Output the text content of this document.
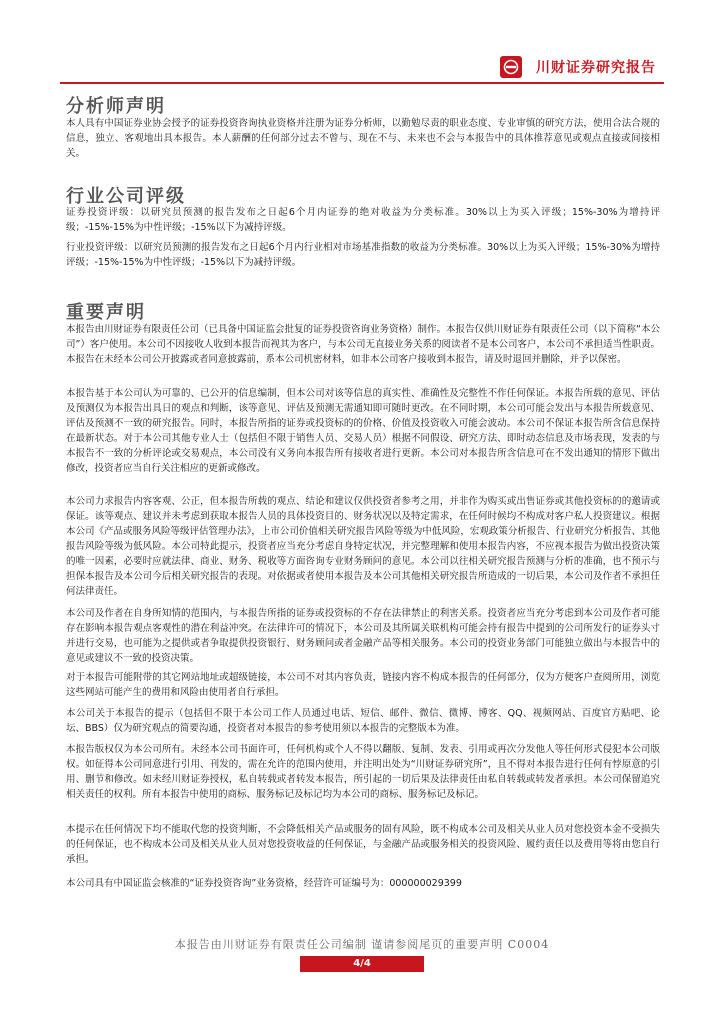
川财证券研究报告
分析师声明

本人具有中国证券业协会授予的证券投资咨询执业资格并注册为证券分析师，以勤勉尽责的职业态度、专业审慎的研究方法，使用合法合规的信息，独立、客观地出具本报告。本人薪酬的任何部分过去不曾与、现在不与、未来也不会与本报告中的具体推荐意见或观点直接或间接相关。

行业公司评级

证券投资评级：以研究员预测的报告发布之日起6个月内证券的绝对收益为分类标准。30%以上为买入评级；15%-30%为增持评级；-15%-15%为中性评级；-15%以下为减持评级。

行业投资评级：以研究员预测的报告发布之日起6个月内行业相对市场基准指数的收益为分类标准。30%以上为买入评级；15%-30%为增持评级；-15%-15%为中性评级；-15%以下为减持评级。

重要声明

本报告由川财证券有限责任公司（已具备中国证监会批复的证券投资咨询业务资格）制作。本报告仅供川财证券有限责任公司（以下简称“本公司”）客户使用。本公司不因接收人收到本报告而视其为客户，与本公司无直接业务关系的阅读者不是本公司客户，本公司不承担适当性职责。本报告在未经本公司公开披露或者同意披露前，系本公司机密材料，如非本公司客户接收到本报告，请及时退回并删除，并予以保密。

本报告基于本公司认为可靠的、已公开的信息编制，但本公司对该等信息的真实性、准确性及完整性不作任何保证。本报告所载的意见、评估及预测仅为本报告出具日的观点和判断，该等意见、评估及预测无需通知即可随时更改。在不同时期，本公司可能会发出与本报告所载意见、评估及预测不一致的研究报告。同时，本报告所指的证券或投资标的的价格、价值及投资收入可能会波动。本公司不保证本报告所含信息保持在最新状态。对于本公司其他专业人士（包括但不限于销售人员、交易人员）根据不同假设、研究方法、即时动态信息及市场表现，发表的与本报告不一致的分析评论或交易观点，本公司没有义务向本报告所有接收者进行更新。本公司对本报告所含信息可在不发出通知的情形下做出修改，投资者应当自行关注相应的更新或修改。

本公司力求报告内容客观、公正，但本报告所载的观点、结论和建议仅供投资者参考之用，并非作为购买或出售证券或其他投资标的的邀请或保证。该等观点、建议并未考虑到获取本报告人员的具体投资目的、财务状况以及特定需求，在任何时候均不构成对客户私人投资建议。根据本公司《产品或服务风险等级评估管理办法》，上市公司价值相关研究报告风险等级为中低风险，宏观政策分析报告、行业研究分析报告、其他报告风险等级为低风险。本公司特此提示，投资者应当充分考虑自身特定状况，并完整理解和使用本报告内容，不应视本报告为做出投资决策的唯一因素，必要时应就法律、商业、财务、税收等方面咨询专业财务顾问的意见。本公司以往相关研究报告预测与分析的准确，也不预示与担保本报告及本公司今后相关研究报告的表现。对依据或者使用本报告及本公司其他相关研究报告所造成的一切后果，本公司及作者不承担任何法律责任。

本公司及作者在自身所知情的范围内，与本报告所指的证券或投资标的不存在法律禁止的利害关系。投资者应当充分考虑到本公司及作者可能存在影响本报告观点客观性的潜在利益冲突。在法律许可的情况下，本公司及其所属关联机构可能会持有报告中提到的公司所发行的证券头寸并进行交易，也可能为之提供或者争取提供投资银行、财务顾问或者金融产品等相关服务。本公司的投资业务部门可能独立做出与本报告中的意见或建议不一致的投资决策。

对于本报告可能附带的其它网站地址或超级链接，本公司不对其内容负责，链接内容不构成本报告的任何部分，仅为方便客户查阅所用，浏览这些网站可能产生的费用和风险由使用者自行承担。

本公司关于本报告的提示（包括但不限于本公司工作人员通过电话、短信、邮件、微信、微博、博客、QQ、视频网站、百度官方贴吧、论坛、BBS）仅为研究观点的简要沟通，投资者对本报告的参考使用须以本报告的完整版本为准。

本报告版权仅为本公司所有。未经本公司书面许可，任何机构或个人不得以翻版、复制、发表、引用或再次分发他人等任何形式侵犯本公司版权。如征得本公司同意进行引用、刊发的，需在允许的范围内使用，并注明出处为“川财证券研究所”，且不得对本报告进行任何有悖原意的引用、删节和修改。如未经川财证券授权，私自转载或者转发本报告，所引起的一切后果及法律责任由私自转载或转发者承担。本公司保留追究相关责任的权利。所有本报告中使用的商标、服务标记及标记均为本公司的商标、服务标记及标记。

本提示在任何情况下均不能取代您的投资判断，不会降低相关产品或服务的固有风险，既不构成本公司及相关从业人员对您投资本金不受损失的任何保证，也不构成本公司及相关从业人员对您投资收益的任何保证，与金融产品或服务相关的投资风险、履约责任以及费用等将由您自行承担。

本公司具有中国证监会核准的“证券投资咨询”业务资格，经营许可证编号为：000000029399

本报告由川财证券有限责任公司编制 谨请参阅尾页的重要声明 C0004
4/4
